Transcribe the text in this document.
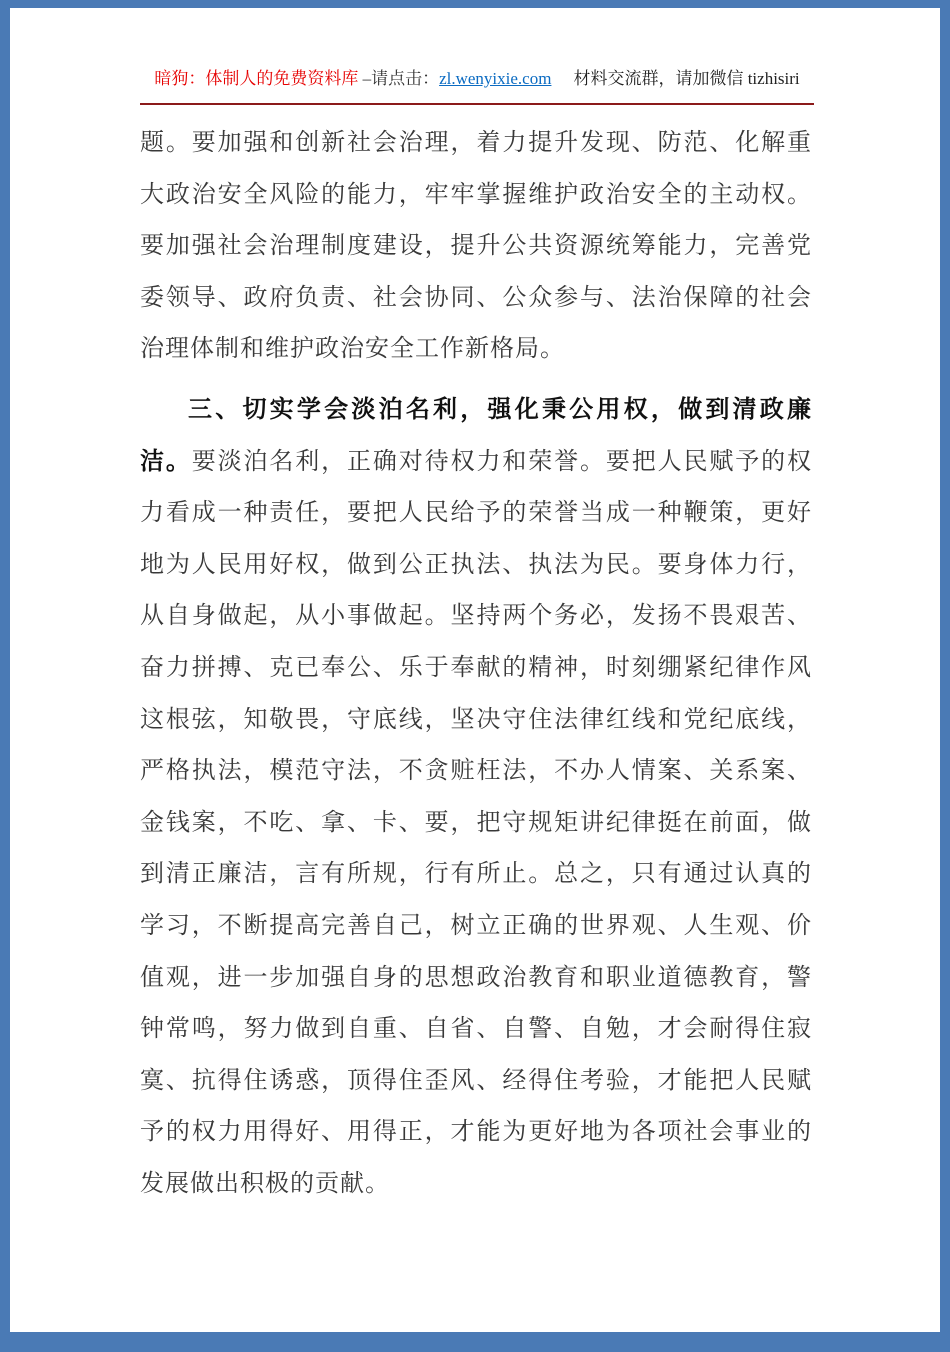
暗狗：体制人的免费资料库 –请点击：zl.wenyixie.com 材料交流群，请加微信 tizhisiri

题。要加强和创新社会治理，着力提升发现、防范、化解重大政治安全风险的能力，牢牢掌握维护政治安全的主动权。要加强社会治理制度建设，提升公共资源统筹能力，完善党委领导、政府负责、社会协同、公众参与、法治保障的社会治理体制和维护政治安全工作新格局。

三、切实学会淡泊名利，强化秉公用权，做到清政廉洁。要淡泊名利，正确对待权力和荣誉。要把人民赋予的权力看成一种责任，要把人民给予的荣誉当成一种鞭策，更好地为人民用好权，做到公正执法、执法为民。要身体力行，从自身做起，从小事做起。坚持两个务必，发扬不畏艰苦、奋力拼搏、克已奉公、乐于奉献的精神，时刻绷紧纪律作风这根弦，知敬畏，守底线，坚决守住法律红线和党纪底线，严格执法，模范守法，不贪赃枉法，不办人情案、关系案、金钱案，不吃、拿、卡、要，把守规矩讲纪律挺在前面，做到清正廉洁，言有所规，行有所止。总之，只有通过认真的学习，不断提高完善自己，树立正确的世界观、人生观、价值观，进一步加强自身的思想政治教育和职业道德教育，警钟常鸣，努力做到自重、自省、自警、自勉，才会耐得住寂寞、抗得住诱惑，顶得住歪风、经得住考验，才能把人民赋予的权力用得好、用得正，才能为更好地为各项社会事业的发展做出积极的贡献。
